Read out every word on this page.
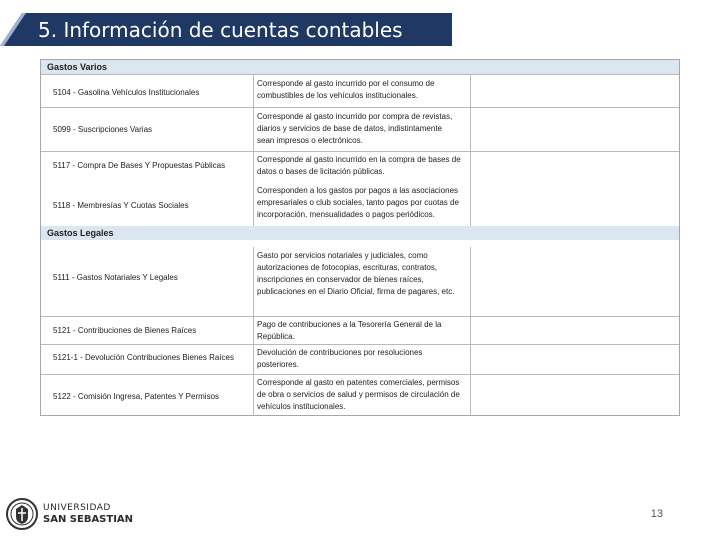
5. Información de cuentas contables
Gastos Varios
5104 - Gasolina Vehículos Institucionales
Corresponde al gasto incurrido por el consumo de
combustibles de los vehículos institucionales.
5099 - Suscripciones Varias
Corresponde al gasto incurrido por compra de revistas,
diarios y servicios de base de datos, indistintamente
sean impresos o electrónicos.
5117 - Compra De Bases Y Propuestas Públicas
Corresponde al gasto incurrido en la compra de bases de
datos o bases de licitación públicas.
5118 - Membresías Y Cuotas Sociales
Corresponden a los gastos por pagos a las asociaciones
empresariales o club sociales, tanto pagos por cuotas de
incorporación, mensualidades o pagos periódicos.
Gastos Legales
5111 - Gastos Notariales Y Legales
Gasto por servicios notariales y judiciales, como
autorizaciones de fotocopias, escrituras, contratos,
inscripciones en conservador de bienes raíces,
publicaciones en el Diario Oficial, firma de pagares, etc.
5121 - Contribuciones de Bienes Raíces
Pago de contribuciones a la Tesorería General de la
República.
5121-1 - Devolución Contribuciones Bienes Raíces
Devolución de contribuciones por resoluciones
posteriores.
5122 - Comisión Ingresa, Patentes Y Permisos
Corresponde al gasto en patentes comerciales, permisos
de obra o servicios de salud y permisos de circulación de
vehículos institucionales.
UNIVERSIDAD
SAN SEBASTIAN	13
